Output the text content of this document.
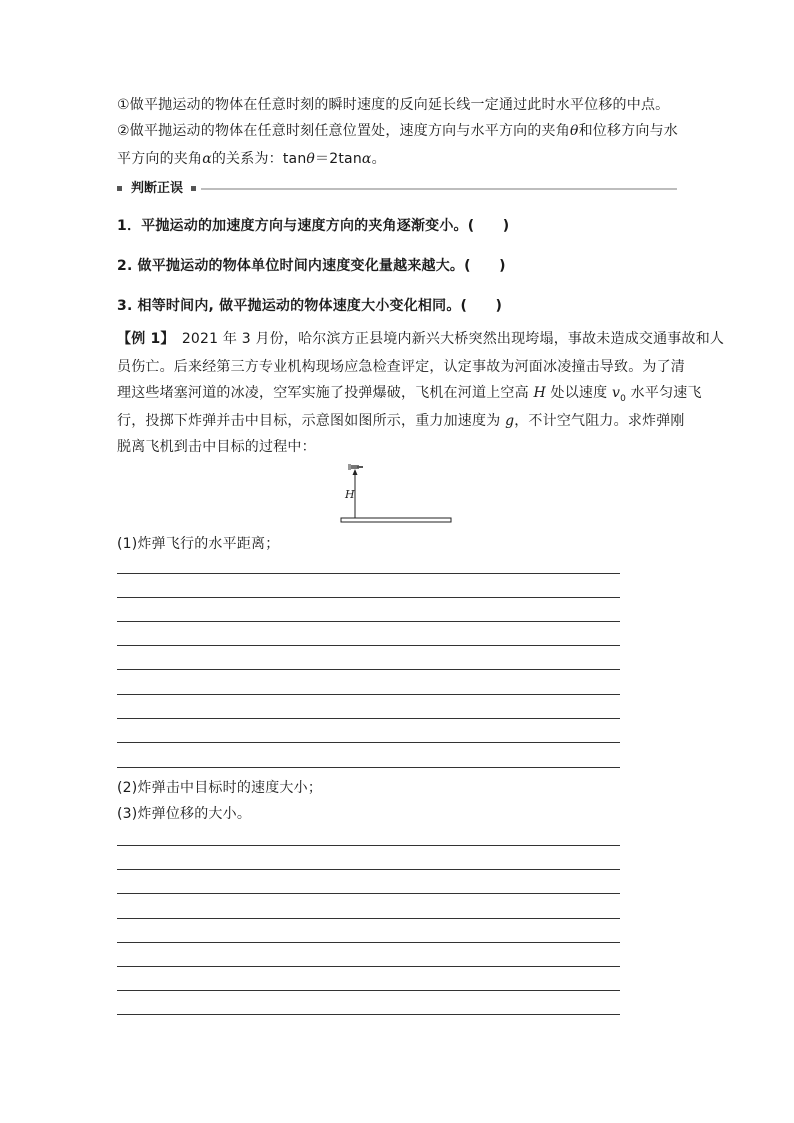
①做平抛运动的物体在任意时刻的瞬时速度的反向延长线一定通过此时水平位移的中点。
②做平抛运动的物体在任意时刻任意位置处，速度方向与水平方向的夹角θ和位移方向与水
平方向的夹角α的关系为：tanθ＝2tanα。
判断正误
1．平抛运动的加速度方向与速度方向的夹角逐渐变小。(　　)
2. 做平抛运动的物体单位时间内速度变化量越来越大。(　　)
3. 相等时间内, 做平抛运动的物体速度大小变化相同。(　　)
【例 1】　2021 年 3 月份，哈尔滨方正县境内新兴大桥突然出现垮塌，事故未造成交通事故和人
员伤亡。后来经第三方专业机构现场应急检查评定，认定事故为河面冰凌撞击导致。为了清
理这些堵塞河道的冰凌，空军实施了投弹爆破，飞机在河道上空高 H 处以速度 $v_0$ 水平匀速飞
行，投掷下炸弹并击中目标，示意图如图所示，重力加速度为 g，不计空气阻力。求炸弹刚
脱离飞机到击中目标的过程中：
H
(1)炸弹飞行的水平距离；
(2)炸弹击中目标时的速度大小；
(3)炸弹位移的大小。
